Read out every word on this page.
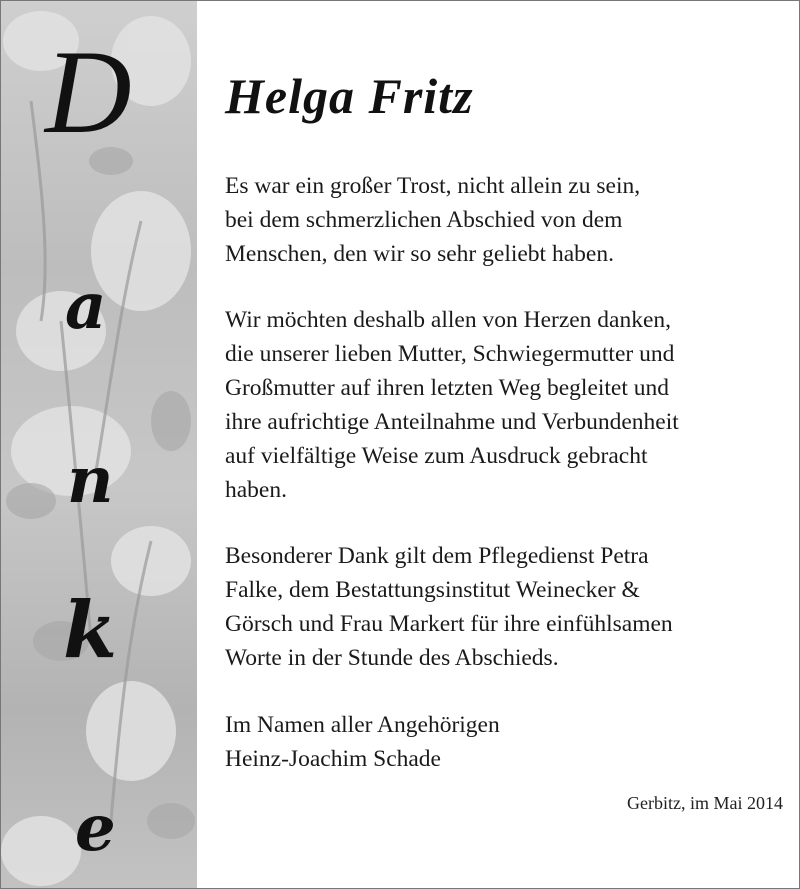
D
a
n
k
e
Helga Fritz
Es war ein großer Trost, nicht allein zu sein,
bei dem schmerzlichen Abschied von dem
Menschen, den wir so sehr geliebt haben.
Wir möchten deshalb allen von Herzen danken,
die unserer lieben Mutter, Schwiegermutter und
Großmutter auf ihren letzten Weg begleitet und
ihre aufrichtige Anteilnahme und Verbundenheit
auf vielfältige Weise zum Ausdruck gebracht
haben.
Besonderer Dank gilt dem Pflegedienst Petra
Falke, dem Bestattungsinstitut Weinecker &
Görsch und Frau Markert für ihre einfühlsamen
Worte in der Stunde des Abschieds.
Im Namen aller Angehörigen
Heinz-Joachim Schade
Gerbitz, im Mai 2014
